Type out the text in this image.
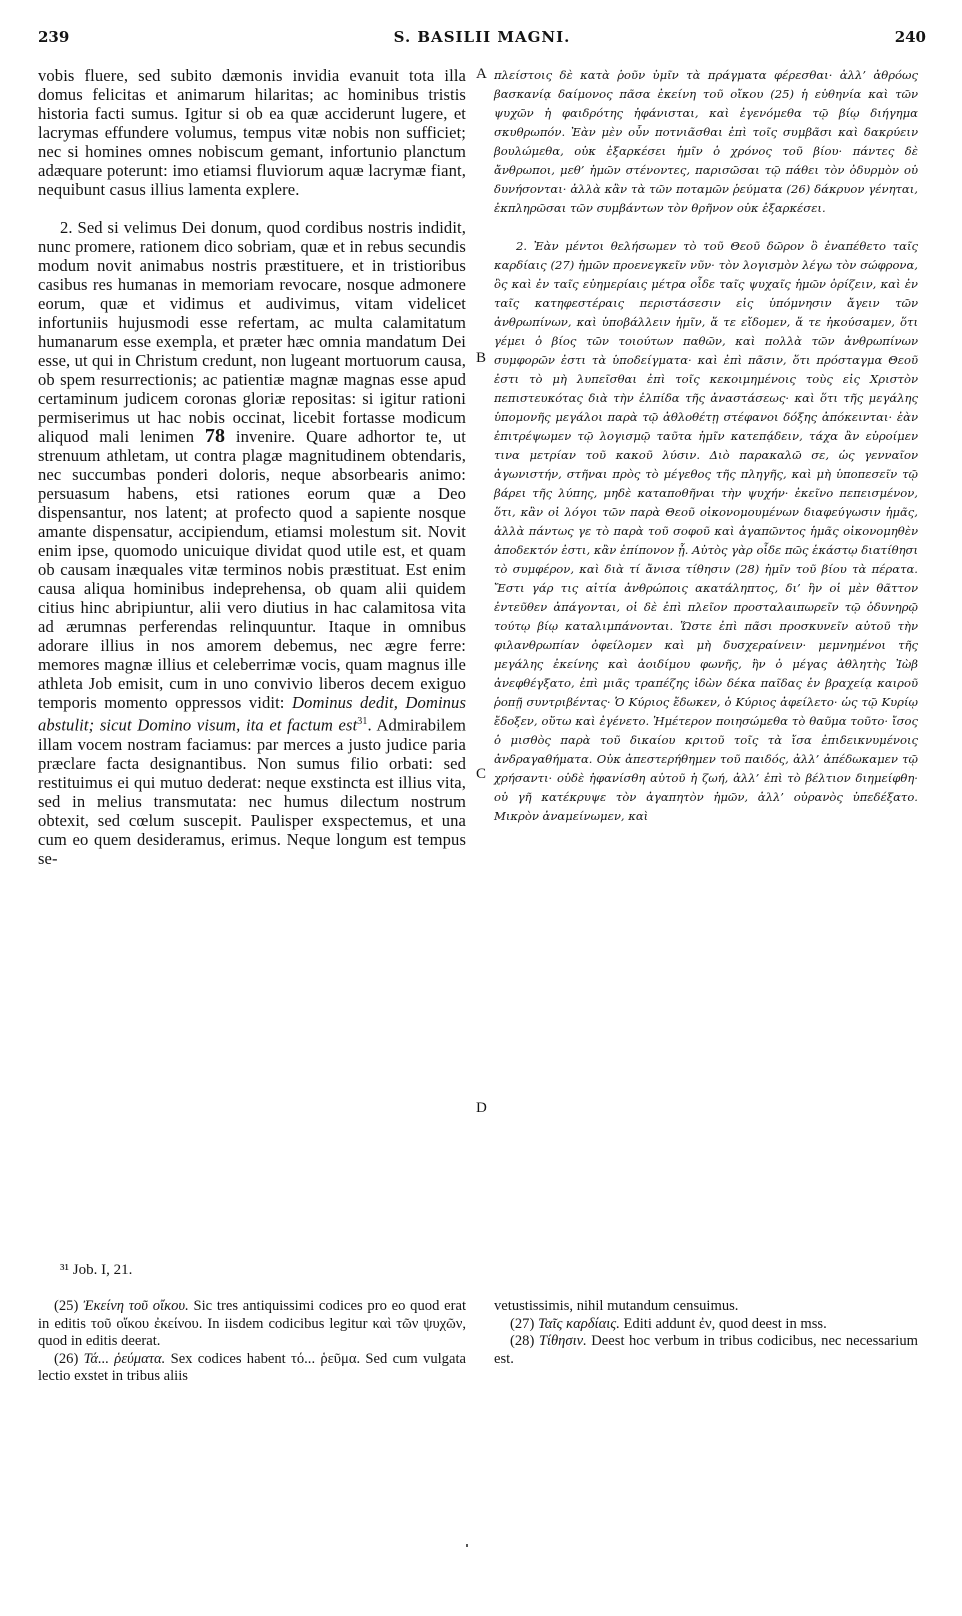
239	S. BASILII MAGNI.	240
A
B
C
D

vobis fluere, sed subito dæmonis invidia evanuit tota illa domus felicitas et animarum hilaritas; ac hominibus tristis historia facti sumus. Igitur si ob ea quæ acciderunt lugere, et lacrymas effundere volumus, tempus vitæ nobis non sufficiet; nec si homines omnes nobiscum gemant, infortunio planctum adæquare poterunt: imo etiamsi fluviorum aquæ lacrymæ fiant, nequibunt casus illius lamenta explere.

2. Sed si velimus Dei donum, quod cordibus nostris indidit, nunc promere, rationem dico sobriam, quæ et in rebus secundis modum novit animabus nostris præstituere, et in tristioribus casibus res humanas in memoriam revocare, nosque admonere eorum, quæ et vidimus et audivimus, vitam videlicet infortuniis hujusmodi esse refertam, ac multa calamitatum humanarum esse exempla, et præter hæc omnia mandatum Dei esse, ut qui in Christum credunt, non lugeant mortuorum causa, ob spem resurrectionis; ac patientiæ magnæ magnas esse apud certaminum judicem coronas gloriæ repositas: si igitur rationi permiserimus ut hac nobis occinat, licebit fortasse modicum aliquod mali lenimen 78 invenire. Quare adhortor te, ut strenuum athletam, ut contra plagæ magnitudinem obtendaris, nec succumbas ponderi doloris, neque absorbearis animo: persuasum habens, etsi rationes eorum quæ a Deo dispensantur, nos latent; at profecto quod a sapiente nosque amante dispensatur, accipiendum, etiamsi molestum sit. Novit enim ipse, quomodo unicuique dividat quod utile est, et quam ob causam inæquales vitæ terminos nobis præstituat. Est enim causa aliqua hominibus indeprehensa, ob quam alii quidem citius hinc abripiuntur, alii vero diutius in hac calamitosa vita ad ærumnas perferendas relinquuntur. Itaque in omnibus adorare illius in nos amorem debemus, nec ægre ferre: memores magnæ illius et celeberrimæ vocis, quam magnus ille athleta Job emisit, cum in uno convivio liberos decem exiguo temporis momento oppressos vidit: Dominus dedit, Dominus abstulit; sicut Domino visum, ita et factum est$^{31}$. Admirabilem illam vocem nostram faciamus: par merces a justo judice paria præclare facta designantibus. Non sumus filio orbati: sed restituimus ei qui mutuo dederat: neque exstincta est illius vita, sed in melius transmutata: nec humus dilectum nostrum obtexit, sed cœlum suscepit. Paulisper exspectemus, et una cum eo quem desideramus, erimus. Neque longum est tempus se-

πλείστοις δὲ κατὰ ῥοῦν ὑμῖν τὰ πράγματα φέρεσθαι· ἀλλ’ ἀθρόως βασκανίᾳ δαίμονος πᾶσα ἐκείνη τοῦ οἴκου (25) ἡ εὐθηνία καὶ τῶν ψυχῶν ἡ φαιδρότης ἠφάνισται, καὶ ἐγενόμεθα τῷ βίῳ διήγημα σκυθρωπόν. Ἐὰν μὲν οὖν ποτνιᾶσθαι ἐπὶ τοῖς συμβᾶσι καὶ δακρύειν βουλώμεθα, οὐκ ἐξαρκέσει ἡμῖν ὁ χρόνος τοῦ βίου· πάντες δὲ ἄνθρωποι, μεθ’ ἡμῶν στένοντες, παρισῶσαι τῷ πάθει τὸν ὀδυρμὸν οὐ δυνήσονται· ἀλλὰ κἂν τὰ τῶν ποταμῶν ῥεύματα (26) δάκρυον γένηται, ἐκπληρῶσαι τῶν συμβάντων τὸν θρῆνον οὐκ ἐξαρκέσει.

2. Ἐὰν μέντοι θελήσωμεν τὸ τοῦ Θεοῦ δῶρον ὃ ἐναπέθετο ταῖς καρδίαις (27) ἡμῶν προενεγκεῖν νῦν· τὸν λογισμὸν λέγω τὸν σώφρονα, ὃς καὶ ἐν ταῖς εὐημερίαις μέτρα οἶδε ταῖς ψυχαῖς ἡμῶν ὁρίζειν, καὶ ἐν ταῖς κατηφεστέραις περιστάσεσιν εἰς ὑπόμνησιν ἄγειν τῶν ἀνθρωπίνων, καὶ ὑποβάλλειν ἡμῖν, ἅ τε εἴδομεν, ἅ τε ἠκούσαμεν, ὅτι γέμει ὁ βίος τῶν τοιούτων παθῶν, καὶ πολλὰ τῶν ἀνθρωπίνων συμφορῶν ἐστι τὰ ὑποδείγματα· καὶ ἐπὶ πᾶσιν, ὅτι πρόσταγμα Θεοῦ ἐστι τὸ μὴ λυπεῖσθαι ἐπὶ τοῖς κεκοιμημένοις τοὺς εἰς Χριστὸν πεπιστευκότας διὰ τὴν ἐλπίδα τῆς ἀναστάσεως· καὶ ὅτι τῆς μεγάλης ὑπομονῆς μεγάλοι παρὰ τῷ ἀθλοθέτῃ στέφανοι δόξης ἀπόκεινται· ἐὰν ἐπιτρέψωμεν τῷ λογισμῷ ταῦτα ἡμῖν κατεπᾴδειν, τάχα ἂν εὑροίμεν τινα μετρίαν τοῦ κακοῦ λύσιν. Διὸ παρακαλῶ σε, ὡς γενναῖον ἀγωνιστήν, στῆναι πρὸς τὸ μέγεθος τῆς πληγῆς, καὶ μὴ ὑποπεσεῖν τῷ βάρει τῆς λύπης, μηδὲ καταποθῆναι τὴν ψυχήν· ἐκεῖνο πεπεισμένον, ὅτι, κἂν οἱ λόγοι τῶν παρὰ Θεοῦ οἰκονομουμένων διαφεύγωσιν ἡμᾶς, ἀλλὰ πάντως γε τὸ παρὰ τοῦ σοφοῦ καὶ ἀγαπῶντος ἡμᾶς οἰκονομηθὲν ἀποδεκτόν ἐστι, κἂν ἐπίπονον ᾖ. Αὐτὸς γὰρ οἶδε πῶς ἑκάστῳ διατίθησι τὸ συμφέρον, καὶ διὰ τί ἄνισα τίθησιν (28) ἡμῖν τοῦ βίου τὰ πέρατα. Ἔστι γάρ τις αἰτία ἀνθρώποις ακατάληπτος, δι’ ἣν οἱ μὲν θᾶττον ἐντεῦθεν ἀπάγονται, οἱ δὲ ἐπὶ πλεῖον προσταλαιπωρεῖν τῷ ὀδυνηρῷ τούτῳ βίῳ καταλιμπάνονται. Ὥστε ἐπὶ πᾶσι προσκυνεῖν αὐτοῦ τὴν φιλανθρωπίαν ὀφείλομεν καὶ μὴ δυσχεραίνειν· μεμνημένοι τῆς μεγάλης ἐκείνης καὶ ἀοιδίμου φωνῆς, ἣν ὁ μέγας ἀθλητὴς Ἰὼβ ἀνεφθέγξατο, ἐπὶ μιᾶς τραπέζης ἰδὼν δέκα παῖδας ἐν βραχείᾳ καιροῦ ῥοπῇ συντριβέντας· Ὁ Κύριος ἔδωκεν, ὁ Κύριος ἀφείλετο· ὡς τῷ Κυρίῳ ἔδοξεν, οὕτω καὶ ἐγένετο. Ἡμέτερον ποιησώμεθα τὸ θαῦμα τοῦτο· ἴσος ὁ μισθὸς παρὰ τοῦ δικαίου κριτοῦ τοῖς τὰ ἴσα ἐπιδεικνυμένοις ἀνδραγαθήματα. Οὐκ ἀπεστερήθημεν τοῦ παιδός, ἀλλ’ ἀπέδωκαμεν τῷ χρήσαντι· οὐδὲ ἠφανίσθη αὐτοῦ ἡ ζωή, ἀλλ’ ἐπὶ τὸ βέλτιον διημείφθη· οὐ γῆ κατέκρυψε τὸν ἀγαπητὸν ἡμῶν, ἀλλ’ οὐρανὸς ὑπεδέξατο. Μικρὸν ἀναμείνωμεν, καὶ

³¹ Job. I, 21.

(25) Ἐκείνη τοῦ οἴκου. Sic tres antiquissimi codices pro eo quod erat in editis τοῦ οἴκου ἐκείνου. In iisdem codicibus legitur καὶ τῶν ψυχῶν, quod in editis deerat.

(26) Τά... ῥεύματα. Sex codices habent τό... ῥεῦμα. Sed cum vulgata lectio exstet in tribus aliis

vetustissimis, nihil mutandum censuimus.

(27) Ταῖς καρδίαις. Editi addunt ἐν, quod deest in mss.

(28) Τίθησιν. Deest hoc verbum in tribus codicibus, nec necessarium est.
